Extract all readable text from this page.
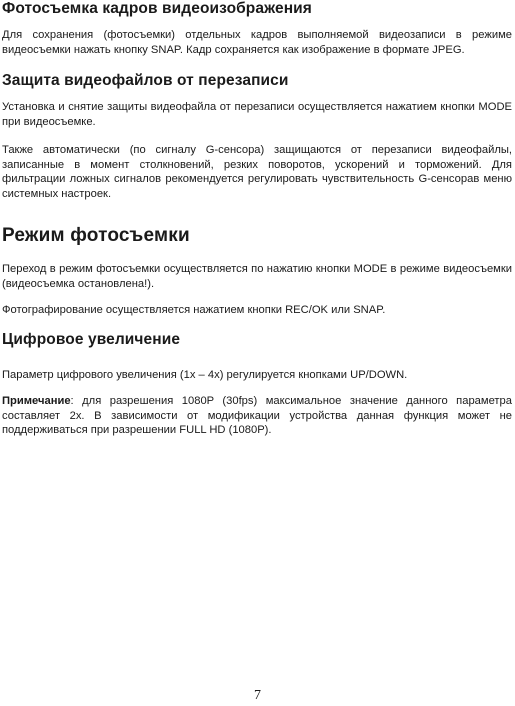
Фотосъемка кадров видеоизображения

Для сохранения (фотосъемки) отдельных кадров выполняемой видеозаписи в режиме видеосъемки нажать кнопку SNAP. Кадр сохраняется как изображение в формате JPEG.

Защита видеофайлов от перезаписи

Установка и снятие защиты видеофайла от перезаписи осуществляется нажатием кнопки MODE при видеосъемке.

Также автоматически (по сигналу G-сенсора) защищаются от перезаписи видеофайлы, записанные в момент столкновений, резких поворотов, ускорений и торможений. Для фильтрации ложных сигналов рекомендуется регулировать чувствительность G-сенсорав меню системных настроек.

Режим фотосъемки

Переход в режим фотосъемки осуществляется по нажатию кнопки MODE в режиме видеосъемки (видеосъемка остановлена!).

Фотографирование осуществляется нажатием кнопки REC/OK или SNAP.

Цифровое увеличение

Параметр цифрового увеличения (1х – 4х) регулируется кнопками UP/DOWN.

Примечание: для разрешения 1080P (30fps) максимальное значение данного параметра составляет 2х. В зависимости от модификации устройства данная функция может не поддерживаться при разрешении FULL HD (1080P).

7
